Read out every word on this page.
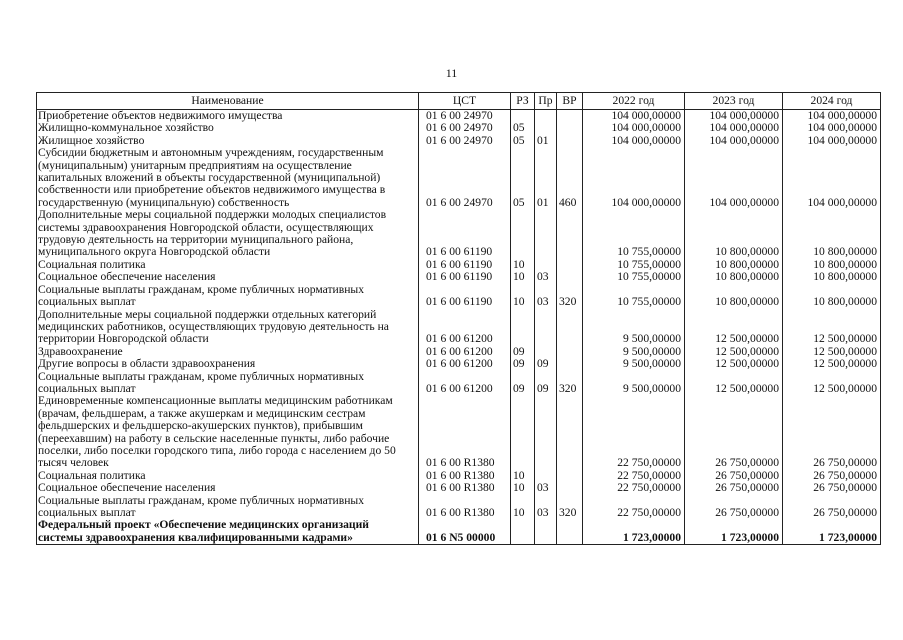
11
Наименование	ЦСТ	РЗ	Пр	ВР	2022 год	2023 год	2024 год
Приобретение объектов недвижимого имущества	01 6 00 24970				104 000,00000	104 000,00000	104 000,00000
Жилищно-коммунальное хозяйство	01 6 00 24970	05			104 000,00000	104 000,00000	104 000,00000
Жилищное хозяйство	01 6 00 24970	05	01		104 000,00000	104 000,00000	104 000,00000
Субсидии бюджетным и автономным учреждениям, государственным (муниципальным) унитарным предприятиям на осуществление капитальных вложений в объекты государственной (муниципальной) собственности или приобретение объектов недвижимого имущества в государственную (муниципальную) собственность	01 6 00 24970	05	01	460	104 000,00000	104 000,00000	104 000,00000
Дополнительные меры социальной поддержки молодых специалистов системы здравоохранения Новгородской области, осуществляющих трудовую деятельность на территории муниципального района, муниципального округа Новгородской области	01 6 00 61190				10 755,00000	10 800,00000	10 800,00000
Социальная политика	01 6 00 61190	10			10 755,00000	10 800,00000	10 800,00000
Социальное обеспечение населения	01 6 00 61190	10	03		10 755,00000	10 800,00000	10 800,00000
Социальные выплаты гражданам, кроме публичных нормативных социальных выплат	01 6 00 61190	10	03	320	10 755,00000	10 800,00000	10 800,00000
Дополнительные меры социальной поддержки отдельных категорий медицинских работников, осуществляющих трудовую деятельность на территории Новгородской области	01 6 00 61200				9 500,00000	12 500,00000	12 500,00000
Здравоохранение	01 6 00 61200	09			9 500,00000	12 500,00000	12 500,00000
Другие вопросы в области здравоохранения	01 6 00 61200	09	09		9 500,00000	12 500,00000	12 500,00000
Социальные выплаты гражданам, кроме публичных нормативных социальных выплат	01 6 00 61200	09	09	320	9 500,00000	12 500,00000	12 500,00000
Единовременные компенсационные выплаты медицинским работникам (врачам, фельдшерам, а также акушеркам и медицинским сестрам фельдшерских и фельдшерско-акушерских пунктов), прибывшим (переехавшим) на работу в сельские населенные пункты, либо рабочие поселки, либо поселки городского типа, либо города с населением до 50 тысяч человек	01 6 00 R1380				22 750,00000	26 750,00000	26 750,00000
Социальная политика	01 6 00 R1380	10			22 750,00000	26 750,00000	26 750,00000
Социальное обеспечение населения	01 6 00 R1380	10	03		22 750,00000	26 750,00000	26 750,00000
Социальные выплаты гражданам, кроме публичных нормативных социальных выплат	01 6 00 R1380	10	03	320	22 750,00000	26 750,00000	26 750,00000
Федеральный проект «Обеспечение медицинских организаций системы здравоохранения квалифицированными кадрами»	01 6 N5 00000				1 723,00000	1 723,00000	1 723,00000
